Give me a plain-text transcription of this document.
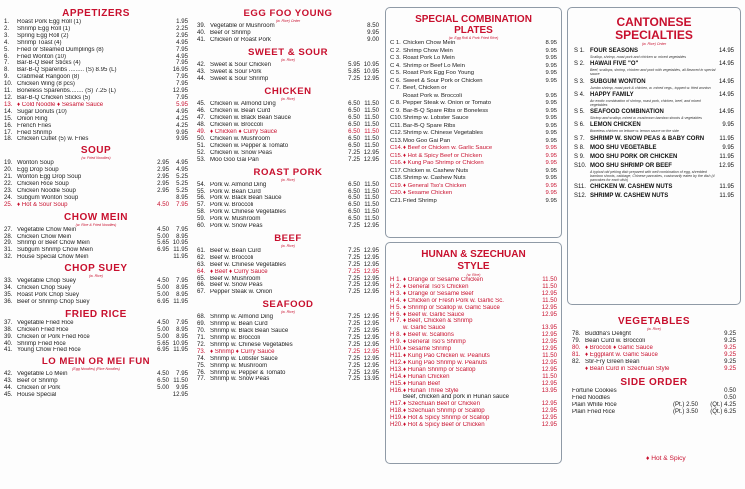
APPETIZERS
1.	Roast Pork Egg Roll (1)	1.95
2.	Shrimp Egg Roll (1)	2.25
3.	Spring Egg Roll (2)	2.95
4.	Shrimp Toast (4)	4.95
5.	Fried or Steamed Dumplings (8)	7.95
6.	Fried Wonton (10)	4.95
7.	Bar-B-Q Beef Sticks (4)	7.95
8.	Bar-B-Q Spareribs ......... (S) 8.95 (L)	16.95
9.	Crabmeat Rangoon (8)	7.95
10. Chicken Wing (8 pcs)	7.95
11. Boneless Spareribs........ (S) 7.25 (L)	12.95
12. Bar-B-Q Chicken Sticks (5)	7.95
13. ♦ Cold Noodle ♦ Sesame Sauce	5.95
14. Sugar Donuts (10)	4.95
15. Onion Ring	4.25
16. French Fries	4.25
17. Fried Shrimp	9.95
18. Chicken Cutlet (5) w. Fries	9.95
SOUP
(w. Fried Noodles)
19. Wonton Soup	2.95	4.95
20. Egg Drop Soup	2.95	4.95
21. Wonton Egg Drop Soup	2.95	5.25
22. Chicken Rice Soup	2.95	5.25
23. Chicken Noodle Soup	2.95	5.25
24. Subgum Wonton Soup	8.95
25. ♦ Hot & Sour Soup	4.50	7.95
CHOW MEIN
(w. Rice & Fried Noodles)
27. Vegetable Chow Mein	4.50	7.95
28. Chicken Chow Mein	5.00	8.95
29. Shrimp or Beef Chow Mein	5.65 10.95
31. Subgum Shrimp Chow Mein	6.95 11.95
32. House Special Chow Mein	11.95
CHOP SUEY
(w. Rice)
33. Vegetable Chop Suey	4.50	7.95
34. Chicken Chop Suey	5.00	8.95
35. Roast Pork Chop Suey	5.00	8.95
36. Beef or Shrimp Chop Suey	6.95 11.95
FRIED RICE
37. Vegetable Fried Rice	4.50	7.95
38. Chicken Fried Rice	5.00	8.95
39. Chicken or Pork Fried Rice	5.00	8.95
40. Shrimp Fried Rice	5.65 10.95
41. Young Chow Fried Rice	6.95 11.95
LO MEIN OR MEI FUN
(Egg Noodles) (Rice Noodles)
42. Vegetable Lo Mein	4.50	7.95
43. Beef or Shrimp	6.50 11.50
44. Chicken or Pork	5.00	9.95
45. House Special	12.95
EGG FOO YOUNG
(w. Rice) Order
39. Vegetable or Mushroom	8.50
40. Beef or Shrimp	9.95
41. Chicken or Roast Pork	9.00
SWEET & SOUR
(w. Rice)
42. Sweet & Sour Chicken	5.95 10.95
43. Sweet & Sour Pork	5.85 10.95
44. Sweet & Sour Shrimp	7.25 12.95
CHICKEN
(w. Rice)
45. Chicken w. Almond Ding	6.50 11.50
46. Chicken w. Bean Curd	6.50 11.50
47. Chicken w. Black Bean Sauce	6.50 11.50
48. Chicken w. Broccoli	6.50 11.50
49. ♦ Chicken ♦ Curry Sauce	6.50 11.50
50. Chicken w. Mushroom	6.50 11.50
51. Chicken w. Pepper & Tomato	6.50 11.50
52. Chicken w. Snow Peas	7.25 12.95
53. Moo Goo Gai Pan	7.25 12.95
ROAST PORK
(w. Rice)
54. Pork w. Almond Ding	6.50 11.50
55. Pork w. Bean Curd	6.50 11.50
56. Pork w. Black Bean Sauce	6.50 11.50
57. Pork w. Broccoli	6.50 11.50
58. Pork w. Chinese Vegetables	6.50 11.50
59. Pork w. Mushroom	6.50 11.50
60. Pork w. Snow Peas	7.25 12.95
BEEF
(w. Rice)
61. Beef w. Bean Curd	7.25 12.95
62. Beef w. Broccoli	7.25 12.95
63. Beef w. Chinese Vegetables	7.25 12.95
64. ♦ Beef ♦ Curry Sauce	7.25 12.95
65. Beef w. Mushroom	7.25 12.95
66. Beef w. Snow Peas	7.25 12.95
67. Pepper Steak w. Onion	7.25 12.95
SEAFOOD
(w. Rice)
68. Shrimp w. Almond Ding	7.25 12.95
69. Shrimp w. Bean Curd	7.25 12.95
70. Shrimp w. Black Bean Sauce	7.25 12.95
71. Shrimp w. Broccoli	7.25 12.95
72. Shrimp w. Chinese Vegetables	7.25 12.95
73. ♦ Shrimp ♦ Curry Sauce	7.25 12.95
74. Shrimp w. Lobster Sauce	7.25 12.95
75. Shrimp w. Mushroom	7.25 12.95
76. Shrimp w. Pepper & Tomato	7.25 12.95
77. Shrimp w. Snow Peas	7.25 13.95
SPECIAL COMBINATION PLATES
(w. Egg Roll & Pork Fried Rice)
C 1. Chicken Chow Mein	8.95
C 2. Shrimp Chow Mein	9.95
C 3. Roast Pork Lo Mein	9.95
C 4. Shrimp or Beef Lo Mein	9.95
C 5. Roast Pork Egg Foo Young	9.95
C 6. Sweet & Sour Pork or Chicken	9.95
C 7. Beef, Chicken or
Roast Pork w. Broccoli	9.95
C 8. Pepper Steak w. Onion or Tomato	9.95
C 9. Bar-B-Q Spare Ribs or Boneless	9.95
C10. Shrimp w. Lobster Sauce	9.95
C11. Bar-B-Q Spare Ribs	9.95
C12. Shrimp w. Chinese Vegetables	9.95
C13. Moo Goo Gai Pan	9.95
C14. ♦ Beef or Chicken w. Garlic Sauce	9.95
C15. ♦ Hot & Spicy Beef or Chicken	9.95
C16. ♦ Kung Pao Shrimp or Chicken	9.95
C17. Chicken w. Cashew Nuts	9.95
C18. Shrimp w. Cashew Nuts	9.95
C19. ♦ General Tso's Chicken	9.95
C20. ♦ Sesame Chicken	9.95
C21. Fried Shrimp	9.95
HUNAN & SZECHUAN STYLE
(w. Rice)
H 1. ♦ Orange or Sesame Chicken	11.50
H 2. ♦ General Tso's Chicken	11.50
H 3. ♦ Orange or Sesame Beef	12.95
H 4. ♦ Chicken or Fresh Pork w. Garlic Sc.	11.50
H 5. ♦ Shrimp or Scallop w. Garlic Sauce	12.95
H 6. ♦ Beef w. Garlic Sauce	12.95
H 7. ♦ Beef, Chicken & Shrimp
w. Garlic Sauce	13.95
H 8. ♦ Beef w. Scallions	12.95
H 9. ♦ General Tso's Shrimp	12.95
H10. ♦ Sesame Shrimp	12.95
H11. ♦ Kung Pao Chicken w. Peanuts	11.50
H12. ♦ Kung Pao Shrimp w. Peanuts	12.95
H13. ♦ Hunan Shrimp or Scallop	12.95
H14. ♦ Hunan Chicken	11.50
H15. ♦ Hunan Beef	12.95
H16. ♦ Hunan Three Style	13.95
Beef, chicken and pork in Hunan sauce
H17. ♦ Szechuan Beef or Chicken	12.95
H18. ♦ Szechuan Shrimp or Scallop	12.95
H19. ♦ Hot & Spicy Shrimp or Scallop	12.95
H20. ♦ Hot & Spicy Beef or Chicken	12.95
CANTONESE
SPECIALTIES
(w. Rice) Order
S 1. FOUR SEASONS	14.95
Scallop, shrimp, roast pork and chicken w. mixed vegetables
S 2. HAWAII FIVE "O"	14.95
Beef, scallops, shrimp, chicken and pork with vegetables, all flavored in special sauce
S 3. SUBGUM WONTON	14.95
Jumbo shrimp, roast pork & chicken, w. mixed vegs., topped w. fried wonton
S 4. HAPPY FAMILY	14.95
An exotic combination of shrimp, roast pork, chicken, beef, and mixed vegetables
S 5. SEAFOOD COMBINATION	14.95
Shrimp and scallop, mixed w. mushroom bamboo shoots & vegetables
S 6. LEMON CHICKEN	9.95
Boneless chicken on lettuce w. lemon sauce on the side
S 7. SHRIMP W. SNOW PEAS & BABY CORN	11.95
S 8. MOO SHU VEGETABLE	9.95
S 9. MOO SHU PORK OR CHICKEN	11.95
S10. MOO SHU SHRIMP OR BEEF	12.95
A typical old peking dish prepared with well combination of egg, shredded bamboo shoots, cabbage, Chinese pancakes, customarily eaten by the dish (4 pancakes for each dish)
S11. CHICKEN W. CASHEW NUTS	11.95
S12. SHRIMP W. CASHEW NUTS	11.95
VEGETABLES
(w. Rice)
78. Buddha's Delight	9.25
79. Bean Curd w. Broccoli	9.25
80. ♦ Broccoli ♦ Garlic Sauce	9.25
81. ♦ Eggplant w. Garlic Sauce	9.25
82. Stir-Fry Green Bean	9.25
♦ Bean Curd in Szechuan Style	9.25
SIDE ORDER
Fortune Cookies	0.50
Fried Noodles	0.50
Plain White Rice	(Pt.) 2.50	(Qt.) 4.25
Plain Fried Rice	(Pt.) 3.50	(Qt.) 6.25
♦ Hot & Spicy
